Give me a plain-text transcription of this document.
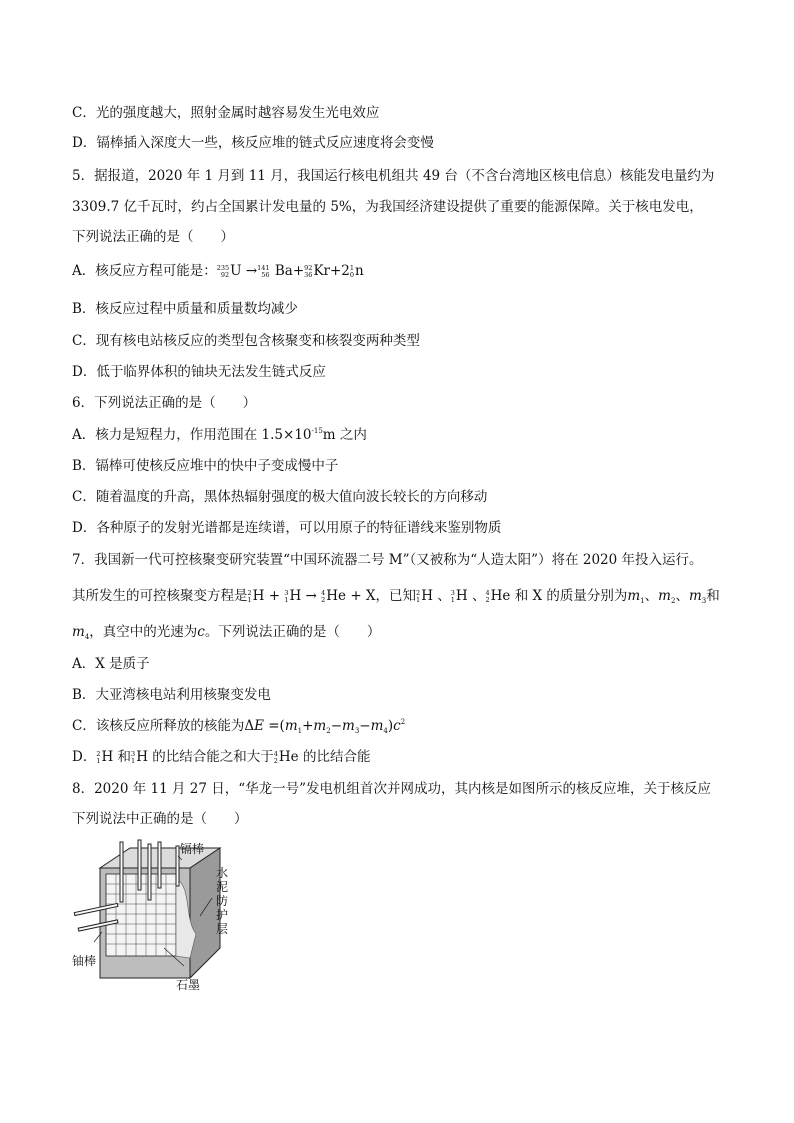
C．光的强度越大，照射金属时越容易发生光电效应
D．镉棒插入深度大一些，核反应堆的链式反应速度将会变慢
5．据报道，2020 年 1 月到 11 月，我国运行核电机组共 49 台（不含台湾地区核电信息）核能发电量约为
3309.7 亿千瓦时，约占全国累计发电量的 5%，为我国经济建设提供了重要的能源保障。关于核电发电，
下列说法正确的是（　　）
A．核反应方程可能是： 235
92 U → 141
56 Ba+ 92
36 Kr+2 1
0 n
B．核反应过程中质量和质量数均减少
C．现有核电站核反应的类型包含核聚变和核裂变两种类型
D．低于临界体积的铀块无法发生链式反应
6．下列说法正确的是（　　）
A．核力是短程力，作用范围在 $1.5\times 10^{-15}m$ 之内
B．镉棒可使核反应堆中的快中子变成慢中子
C．随着温度的升高，黑体热辐射强度的极大值向波长较长的方向移动
D．各种原子的发射光谱都是连续谱，可以用原子的特征谱线来鉴别物质
7．我国新一代可控核聚变研究装置“中国环流器二号 M”（又被称为“人造太阳”）将在 2020 年投入运行。
其所发生的可控核聚变方程是 2
1 H + 3
1 H → 4
2 He + X，已知 2
1 H 、 3
1 H 、 4
2 He 和 X 的质量分别为$m_1$、$m_2$、$m_3$和
$m_4$，真空中的光速为c。下列说法正确的是（　　）
A．X 是质子
B．大亚湾核电站利用核聚变发电
C．该核反应所释放的核能为$\Delta E =(m_1+m_2-m_3-m_4)c^2$
D． 2
1 H 和 3
1 H 的比结合能之和大于 4
2 He 的比结合能
8．2020 年 11 月 27 日，“华龙一号”发电机组首次并网成功，其内核是如图所示的核反应堆，关于核反应
下列说法中正确的是（　　）
镉棒
铀棒
石墨
水
泥
防
护
层
